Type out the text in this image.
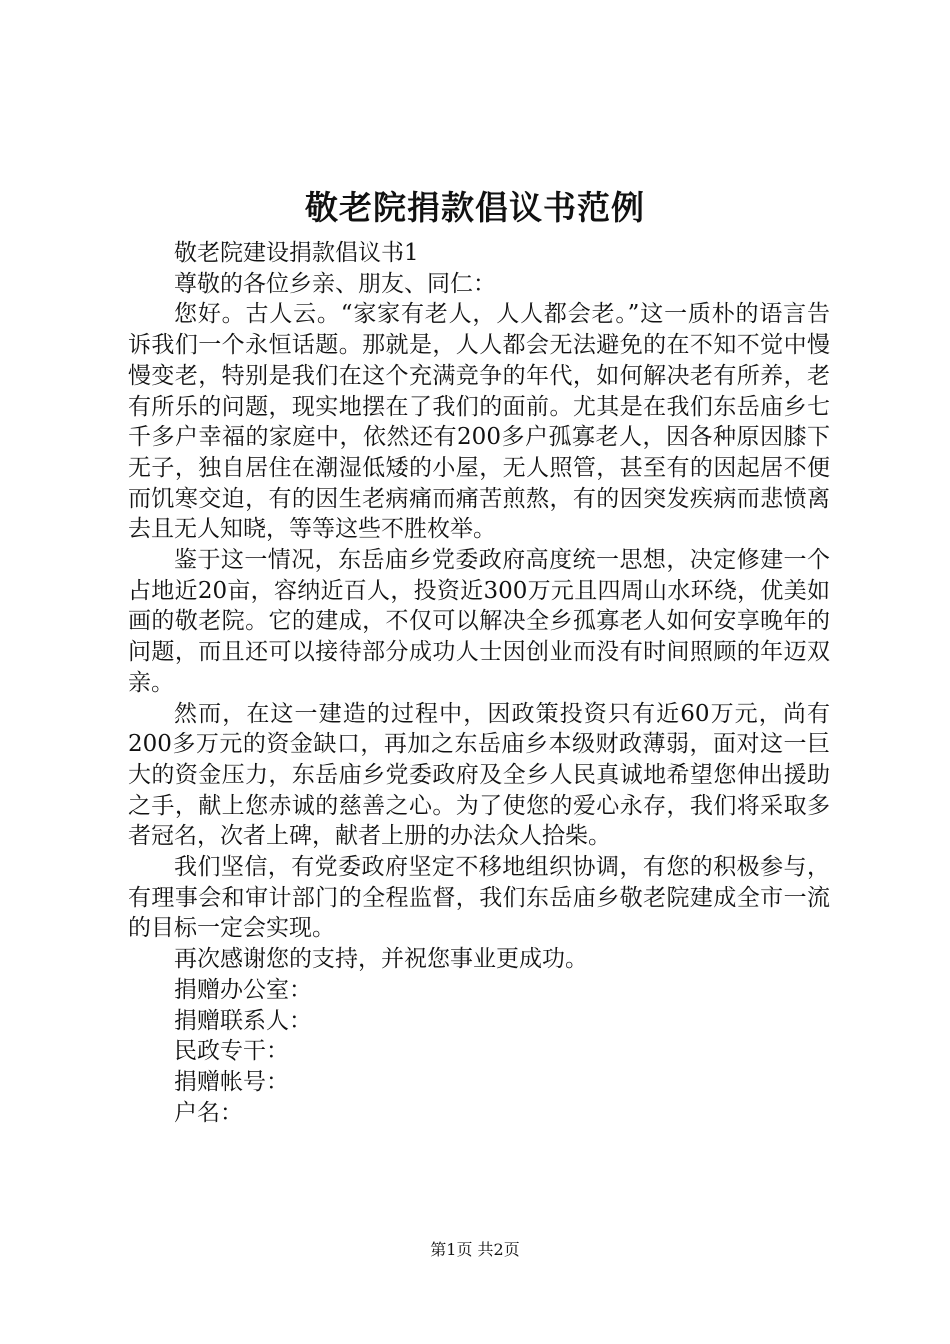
敬老院捐款倡议书范例

敬老院建设捐款倡议书1

尊敬的各位乡亲、朋友、同仁：

您好。古人云。“家家有老人，人人都会老。”这一质朴的语言告诉我们一个永恒话题。那就是，人人都会无法避免的在不知不觉中慢慢变老，特别是我们在这个充满竞争的年代，如何解决老有所养，老有所乐的问题，现实地摆在了我们的面前。尤其是在我们东岳庙乡七千多户幸福的家庭中，依然还有200多户孤寡老人，因各种原因膝下无子，独自居住在潮湿低矮的小屋，无人照管，甚至有的因起居不便而饥寒交迫，有的因生老病痛而痛苦煎熬，有的因突发疾病而悲愤离去且无人知晓，等等这些不胜枚举。

鉴于这一情况，东岳庙乡党委政府高度统一思想，决定修建一个占地近20亩，容纳近百人，投资近300万元且四周山水环绕，优美如画的敬老院。它的建成，不仅可以解决全乡孤寡老人如何安享晚年的问题，而且还可以接待部分成功人士因创业而没有时间照顾的年迈双亲。

然而，在这一建造的过程中，因政策投资只有近60万元，尚有200多万元的资金缺口，再加之东岳庙乡本级财政薄弱，面对这一巨大的资金压力，东岳庙乡党委政府及全乡人民真诚地希望您伸出援助之手，献上您赤诚的慈善之心。为了使您的爱心永存，我们将采取多者冠名，次者上碑，献者上册的办法众人拾柴。

我们坚信，有党委政府坚定不移地组织协调，有您的积极参与，有理事会和审计部门的全程监督，我们东岳庙乡敬老院建成全市一流的目标一定会实现。

再次感谢您的支持，并祝您事业更成功。

捐赠办公室：

捐赠联系人：

民政专干：

捐赠帐号：

户名：

第1页 共2页
